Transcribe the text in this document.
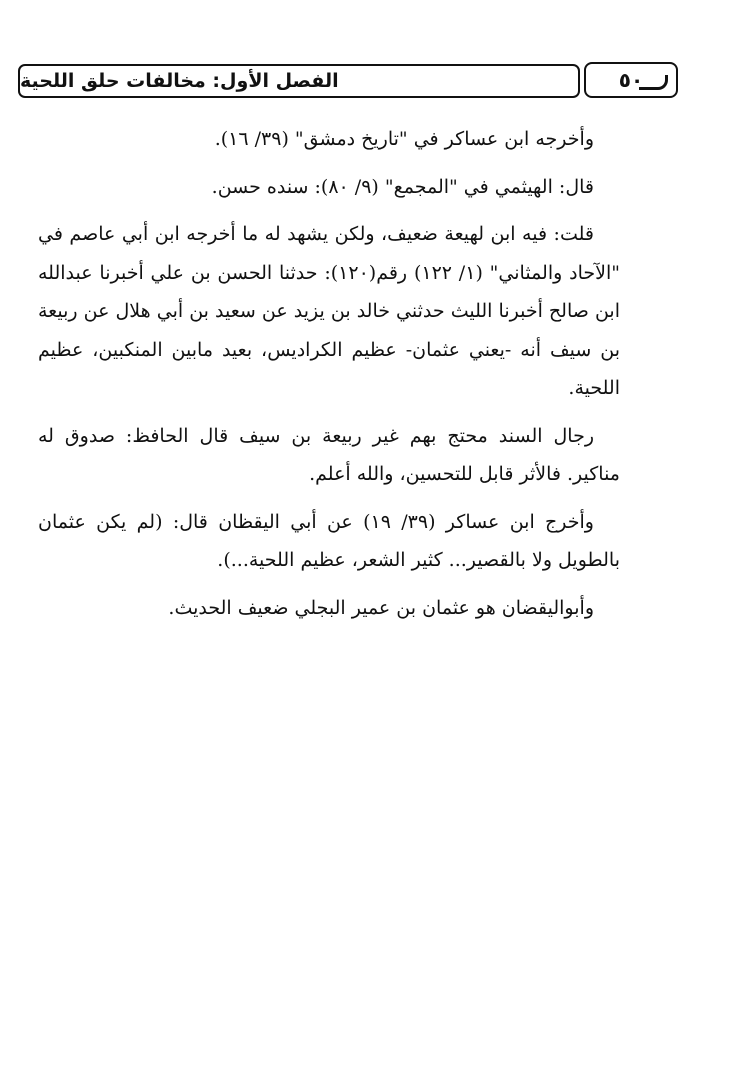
الفصل الأول: مخالفات حلق اللحية	٥٠

وأخرجه ابن عساكر في "تاريخ دمشق" (٣٩/ ١٦).

قال: الهيثمي في "المجمع" (٩/ ٨٠): سنده حسن.

قلت: فيه ابن لهيعة ضعيف، ولكن يشهد له ما أخرجه ابن أبي عاصم في "الآحاد والمثاني" (١/ ١٢٢) رقم(١٢٠): حدثنا الحسن بن علي أخبرنا عبدالله ابن صالح أخبرنا الليث حدثني خالد بن يزيد عن سعيد بن أبي هلال عن ربيعة بن سيف أنه -يعني عثمان- عظيم الكراديس، بعيد مابين المنكبين، عظيم اللحية.

رجال السند محتج بهم غير ربيعة بن سيف قال الحافظ: صدوق له مناكير. فالأثر قابل للتحسين، والله أعلم.

وأخرج ابن عساكر (٣٩/ ١٩) عن أبي اليقظان قال: (لم يكن عثمان بالطويل ولا بالقصير... كثير الشعر، عظيم اللحية...).

وأبواليقضان هو عثمان بن عمير البجلي ضعيف الحديث.
